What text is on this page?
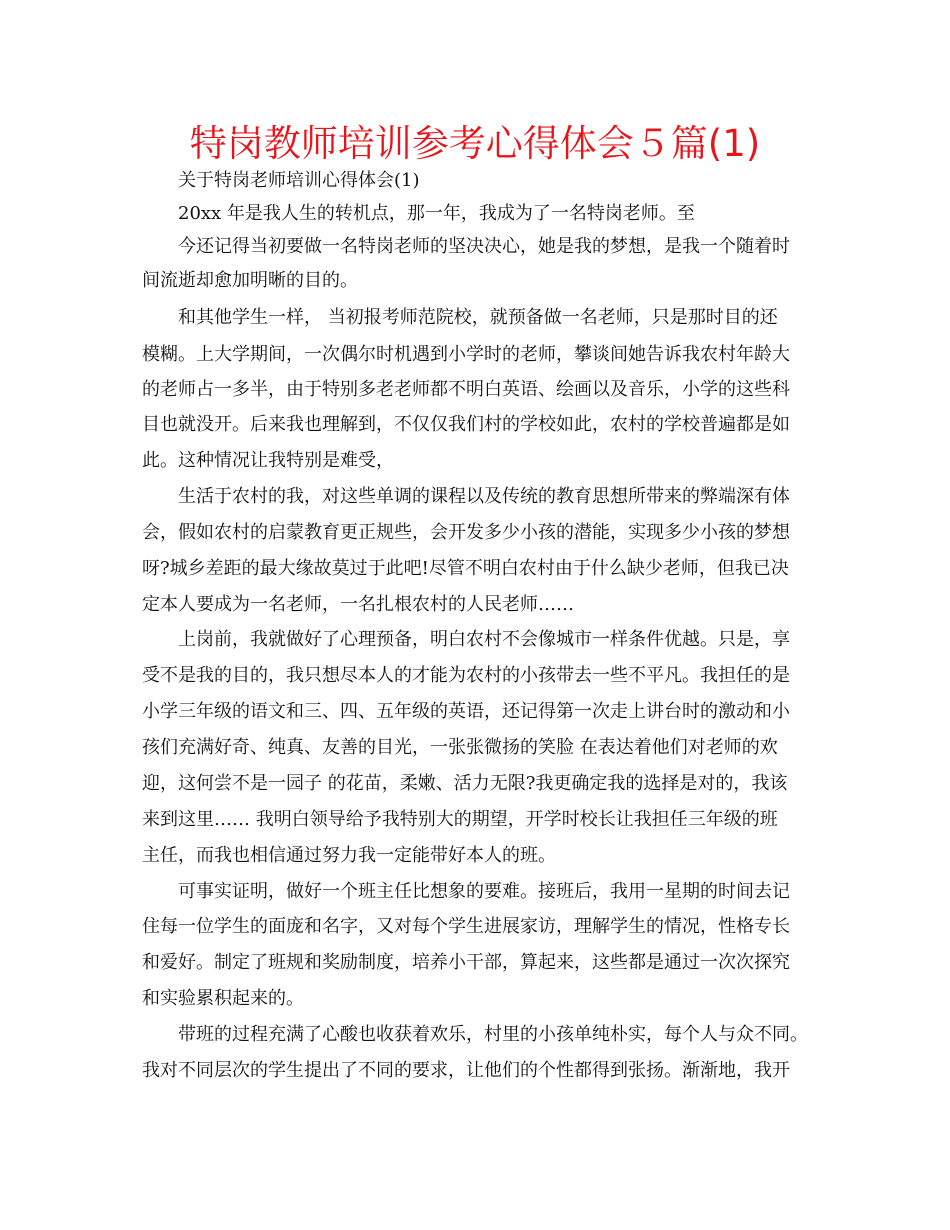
特岗教师培训参考心得体会５篇(1)
关于特岗老师培训心得体会(1)
20xx 年是我人生的转机点，那一年，我成为了一名特岗老师。至
今还记得当初要做一名特岗老师的坚决决心，她是我的梦想，是我一个随着时
间流逝却愈加明晰的目的。
和其他学生一样， 当初报考师范院校，就预备做一名老师，只是那时目的还
模糊。上大学期间，一次偶尔时机遇到小学时的老师，攀谈间她告诉我农村年龄大
的老师占一多半，由于特别多老老师都不明白英语、绘画以及音乐，小学的这些科
目也就没开。后来我也理解到，不仅仅我们村的学校如此，农村的学校普遍都是如
此。这种情况让我特别是难受，
生活于农村的我，对这些单调的课程以及传统的教育思想所带来的弊端深有体
会，假如农村的启蒙教育更正规些，会开发多少小孩的潜能，实现多少小孩的梦想
呀?城乡差距的最大缘故莫过于此吧!尽管不明白农村由于什么缺少老师，但我已决
定本人要成为一名老师，一名扎根农村的人民老师……
上岗前，我就做好了心理预备，明白农村不会像城市一样条件优越。只是，享
受不是我的目的，我只想尽本人的才能为农村的小孩带去一些不平凡。我担任的是
小学三年级的语文和三、四、五年级的英语，还记得第一次走上讲台时的激动和小
孩们充满好奇、纯真、友善的目光，一张张微扬的笑脸 在表达着他们对老师的欢
迎，这何尝不是一园子 的花苗，柔嫩、活力无限?我更确定我的选择是对的，我该
来到这里…… 我明白领导给予我特别大的期望，开学时校长让我担任三年级的班
主任，而我也相信通过努力我一定能带好本人的班。
可事实证明，做好一个班主任比想象的要难。接班后，我用一星期的时间去记
住每一位学生的面庞和名字，又对每个学生进展家访，理解学生的情况，性格专长
和爱好。制定了班规和奖励制度，培养小干部，算起来，这些都是通过一次次探究
和实验累积起来的。
带班的过程充满了心酸也收获着欢乐，村里的小孩单纯朴实，每个人与众不同。
我对不同层次的学生提出了不同的要求，让他们的个性都得到张扬。渐渐地，我开
